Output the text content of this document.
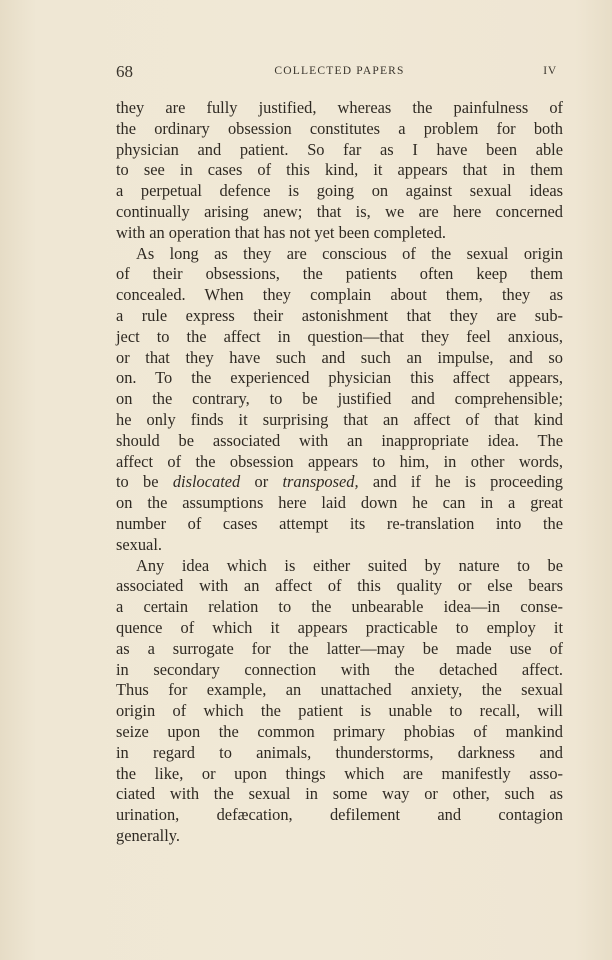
68	COLLECTED PAPERS	IV
they are fully justified, whereas the painfulness of
the ordinary obsession constitutes a problem for both
physician and patient. So far as I have been able
to see in cases of this kind, it appears that in them
a perpetual defence is going on against sexual ideas
continually arising anew; that is, we are here concerned
with an operation that has not yet been completed.
As long as they are conscious of the sexual origin
of their obsessions, the patients often keep them
concealed. When they complain about them, they as
a rule express their astonishment that they are sub-
ject to the affect in question—that they feel anxious,
or that they have such and such an impulse, and so
on. To the experienced physician this affect appears,
on the contrary, to be justified and comprehensible;
he only finds it surprising that an affect of that kind
should be associated with an inappropriate idea. The
affect of the obsession appears to him, in other words,
to be dislocated or transposed, and if he is proceeding
on the assumptions here laid down he can in a great
number of cases attempt its re-translation into the
sexual.
Any idea which is either suited by nature to be
associated with an affect of this quality or else bears
a certain relation to the unbearable idea—in conse-
quence of which it appears practicable to employ it
as a surrogate for the latter—may be made use of
in secondary connection with the detached affect.
Thus for example, an unattached anxiety, the sexual
origin of which the patient is unable to recall, will
seize upon the common primary phobias of mankind
in regard to animals, thunderstorms, darkness and
the like, or upon things which are manifestly asso-
ciated with the sexual in some way or other, such as
urination, defæcation, defilement and contagion
generally.
